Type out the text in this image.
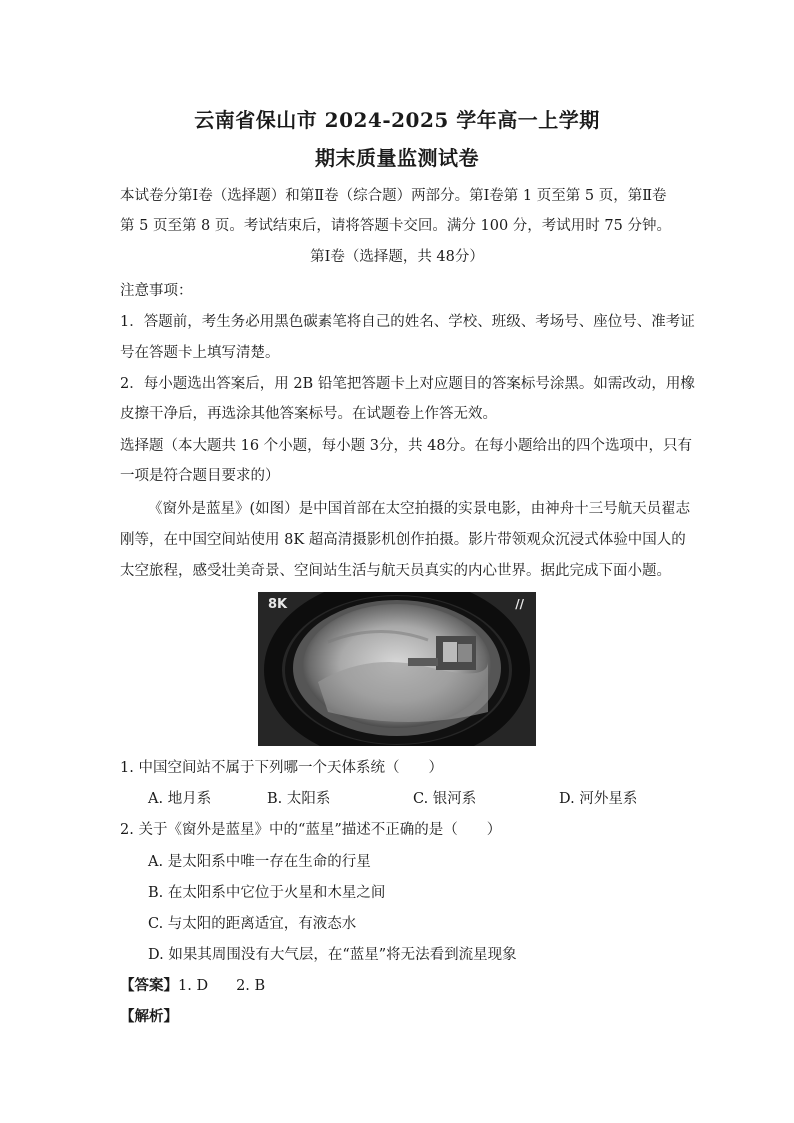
云南省保山市 2024-2025 学年高一上学期
期末质量监测试卷
本试卷分第Ⅰ卷（选择题）和第Ⅱ卷（综合题）两部分。第Ⅰ卷第 1 页至第 5 页，第Ⅱ卷
第 5 页至第 8 页。考试结束后，请将答题卡交回。满分 100 分，考试用时 75 分钟。
第Ⅰ卷（选择题，共 48分）
注意事项：
1．答题前，考生务必用黑色碳素笔将自己的姓名、学校、班级、考场号、座位号、准考证
号在答题卡上填写清楚。
2．每小题选出答案后，用 2B 铅笔把答题卡上对应题目的答案标号涂黑。如需改动，用橡
皮擦干净后，再选涂其他答案标号。在试题卷上作答无效。
选择题（本大题共 16 个小题，每小题 3分，共 48分。在每小题给出的四个选项中，只有
一项是符合题目要求的）
《窗外是蓝星》(如图）是中国首部在太空拍摄的实景电影，由神舟十三号航天员翟志
刚等，在中国空间站使用 8K 超高清摄影机创作拍摄。影片带领观众沉浸式体验中国人的
太空旅程，感受壮美奇景、空间站生活与航天员真实的内心世界。据此完成下面小题。
8K	//
1. 中国空间站不属于下列哪一个天体系统（　　）
A. 地月系	B. 太阳系	C. 银河系	D. 河外星系
2. 关于《窗外是蓝星》中的“蓝星”描述不正确的是（　　）
A. 是太阳系中唯一存在生命的行星
B. 在太阳系中它位于火星和木星之间
C. 与太阳的距离适宜，有液态水
D. 如果其周围没有大气层，在“蓝星”将无法看到流星现象
【答案】1. D 2. B
【解析】
